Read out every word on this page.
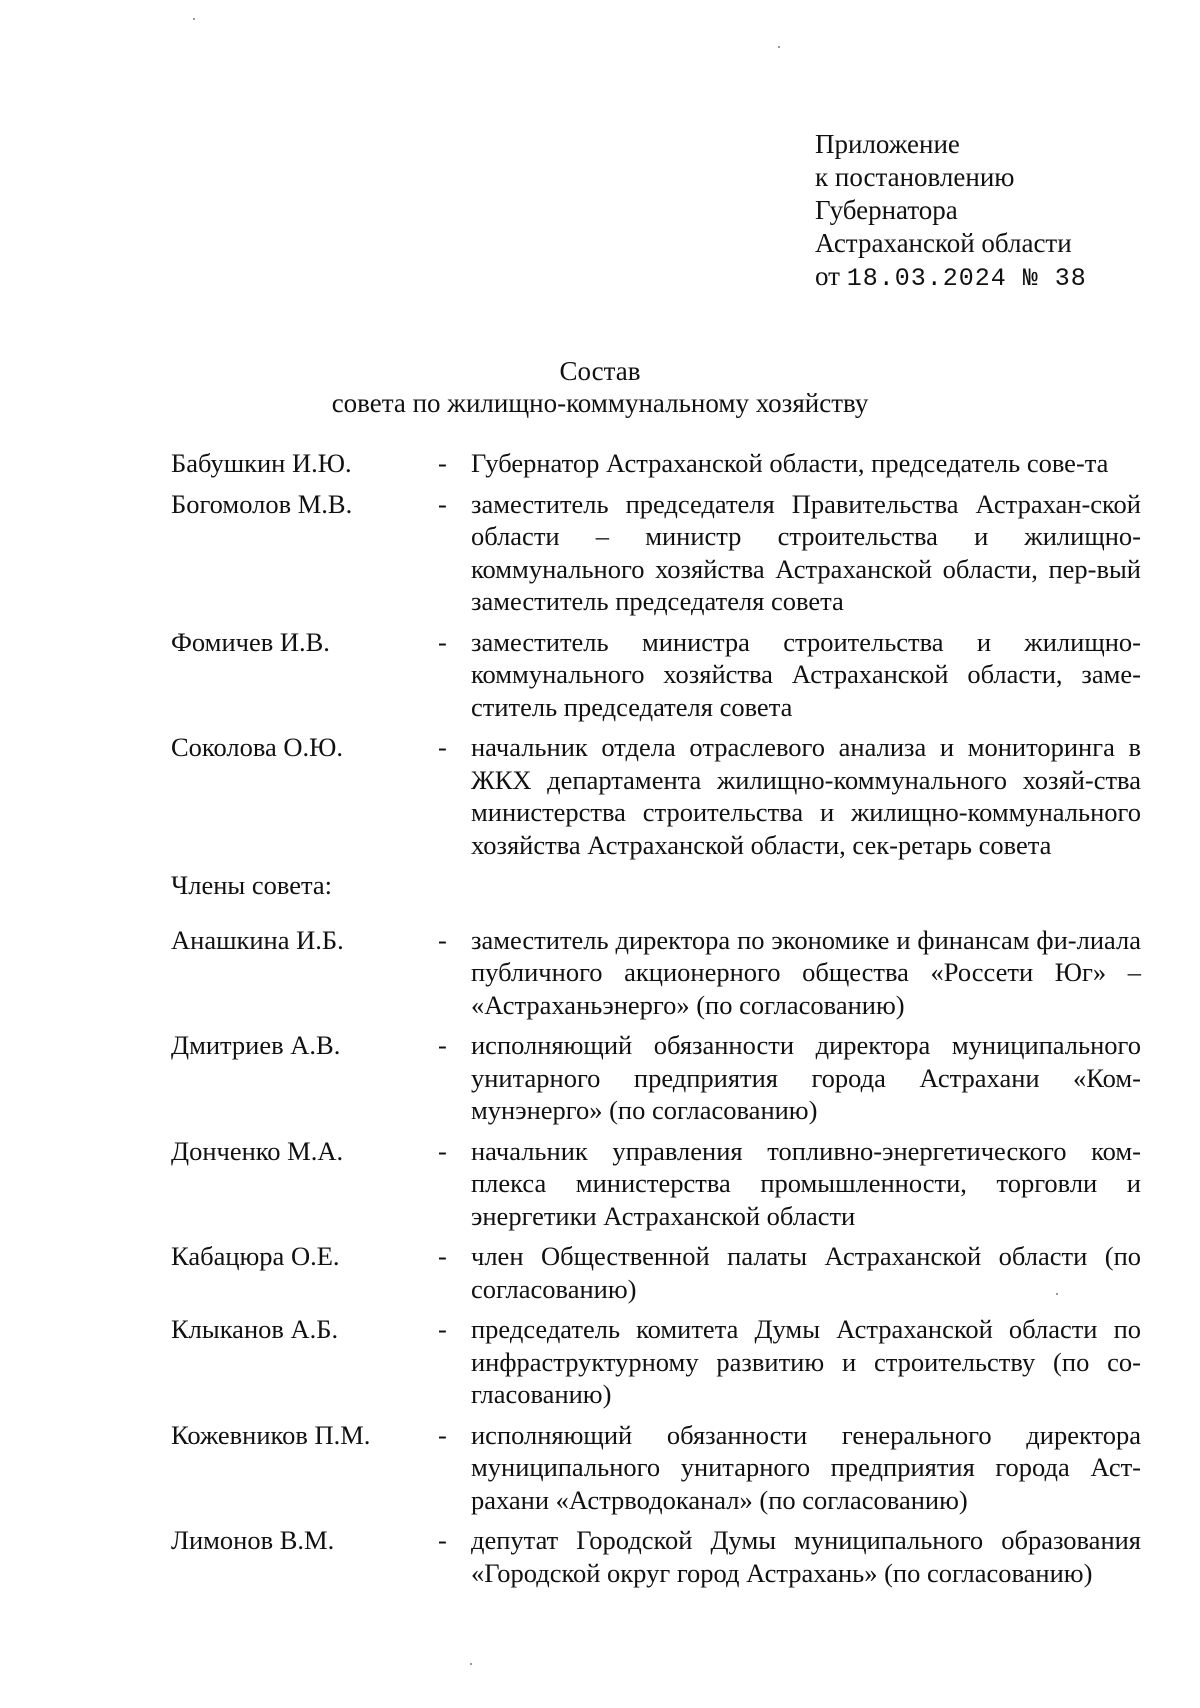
Приложение
к постановлению
Губернатора
Астраханской области
от 18.03.2024 № 38
Состав
совета по жилищно-коммунальному хозяйству
Бабушкин И.Ю.	- Губернатор Астраханской области, председатель сове-та
Богомолов М.В.	- заместитель председателя Правительства Астрахан-ской области – министр строительства и жилищно-коммунального хозяйства Астраханской области, пер-вый заместитель председателя совета
Фомичев И.В.	- заместитель министра строительства и жилищно-коммунального хозяйства Астраханской области, заме-ститель председателя совета
Соколова О.Ю.	- начальник отдела отраслевого анализа и мониторинга в ЖКХ департамента жилищно-коммунального хозяй-ства министерства строительства и жилищно-коммунального хозяйства Астраханской области, сек-ретарь совета
Члены совета:
Анашкина И.Б.	- заместитель директора по экономике и финансам фи-лиала публичного акционерного общества «Россети Юг» – «Астраханьэнерго» (по согласованию)
Дмитриев А.В.	- исполняющий обязанности директора муниципального унитарного предприятия города Астрахани «Ком-мунэнерго» (по согласованию)
Донченко М.А.	- начальник управления топливно-энергетического ком-плекса министерства промышленности, торговли и энергетики Астраханской области
Кабацюра О.Е.	- член Общественной палаты Астраханской области (по согласованию)
Клыканов А.Б.	- председатель комитета Думы Астраханской области по инфраструктурному развитию и строительству (по со-гласованию)
Кожевников П.М.	- исполняющий обязанности генерального директора муниципального унитарного предприятия города Аст-рахани «Астрводоканал» (по согласованию)
Лимонов В.М.	- депутат Городской Думы муниципального образования «Городской округ город Астрахань» (по согласованию)
